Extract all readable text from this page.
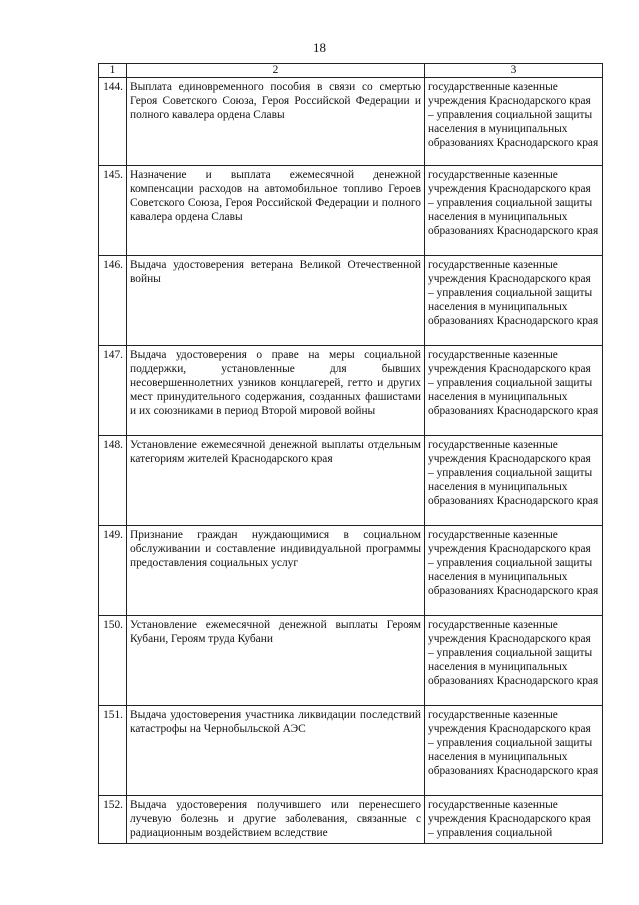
18
1	2	3
144.	Выплата единовременного пособия в связи со смертью Героя Советского Союза, Героя Российской Федерации и полного кавалера ордена Славы	государственные казенные учреждения Краснодарского края – управления социальной защиты населения в муниципальных образованиях Краснодарского края
145.	Назначение и выплата ежемесячной денежной компенсации расходов на автомобильное топливо Героев Советского Союза, Героя Российской Федерации и полного кавалера ордена Славы	государственные казенные учреждения Краснодарского края – управления социальной защиты населения в муниципальных образованиях Краснодарского края
146.	Выдача удостоверения ветерана Великой Отечественной войны	государственные казенные учреждения Краснодарского края – управления социальной защиты населения в муниципальных образованиях Краснодарского края
147.	Выдача удостоверения о праве на меры социальной поддержки, установленные для бывших несовершеннолетних узников концлагерей, гетто и других мест принудительного содержания, созданных фашистами и их союзниками в период Второй мировой войны	государственные казенные учреждения Краснодарского края – управления социальной защиты населения в муниципальных образованиях Краснодарского края
148.	Установление ежемесячной денежной выплаты отдельным категориям жителей Краснодарского края	государственные казенные учреждения Краснодарского края – управления социальной защиты населения в муниципальных образованиях Краснодарского края
149.	Признание граждан нуждающимися в социальном обслуживании и составление индивидуальной программы предоставления социальных услуг	государственные казенные учреждения Краснодарского края – управления социальной защиты населения в муниципальных образованиях Краснодарского края
150.	Установление ежемесячной денежной выплаты Героям Кубани, Героям труда Кубани	государственные казенные учреждения Краснодарского края – управления социальной защиты населения в муниципальных образованиях Краснодарского края
151.	Выдача удостоверения участника ликвидации последствий катастрофы на Чернобыльской АЭС	государственные казенные учреждения Краснодарского края – управления социальной защиты населения в муниципальных образованиях Краснодарского края
152.	Выдача удостоверения получившего или перенесшего лучевую болезнь и другие заболевания, связанные с радиационным воздействием вследствие	государственные казенные учреждения Краснодарского края – управления социальной
